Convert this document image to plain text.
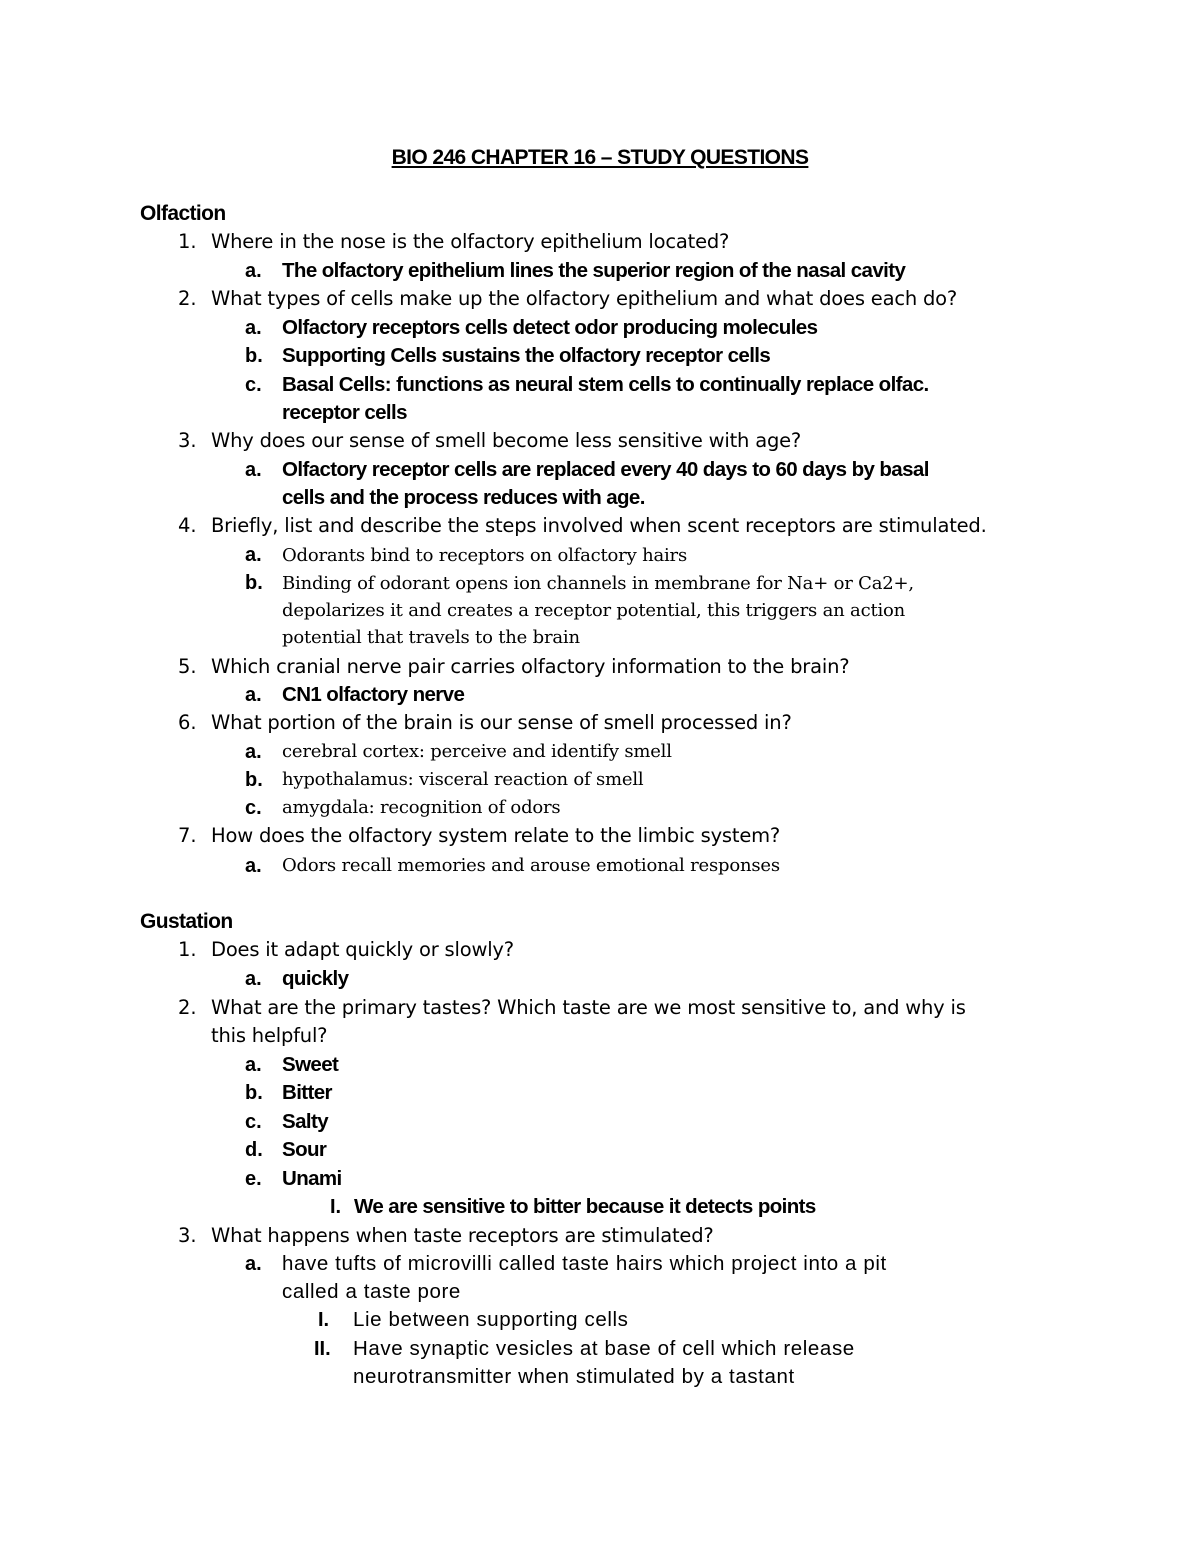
BIO 246 CHAPTER 16 – STUDY QUESTIONS
Olfaction
1. Where in the nose is the olfactory epithelium located?
a. The olfactory epithelium lines the superior region of the nasal cavity
2. What types of cells make up the olfactory epithelium and what does each do?
a. Olfactory receptors cells detect odor producing molecules
b. Supporting Cells sustains the olfactory receptor cells
c. Basal Cells: functions as neural stem cells to continually replace olfac.
receptor cells
3. Why does our sense of smell become less sensitive with age?
a. Olfactory receptor cells are replaced every 40 days to 60 days by basal
cells and the process reduces with age.
4. Briefly, list and describe the steps involved when scent receptors are stimulated.
a. Odorants bind to receptors on olfactory hairs
b. Binding of odorant opens ion channels in membrane for Na+ or Ca2+,
depolarizes it and creates a receptor potential, this triggers an action
potential that travels to the brain
5. Which cranial nerve pair carries olfactory information to the brain?
a. CN1 olfactory nerve
6. What portion of the brain is our sense of smell processed in?
a. cerebral cortex: perceive and identify smell
b. hypothalamus: visceral reaction of smell
c. amygdala: recognition of odors
7. How does the olfactory system relate to the limbic system?
a. Odors recall memories and arouse emotional responses
Gustation
1. Does it adapt quickly or slowly?
a. quickly
2. What are the primary tastes? Which taste are we most sensitive to, and why is
this helpful?
a. Sweet
b. Bitter
c. Salty
d. Sour
e. Unami
I. We are sensitive to bitter because it detects points
3. What happens when taste receptors are stimulated?
a. have tufts of microvilli called taste hairs which project into a pit
called a taste pore
I. Lie between supporting cells
II. Have synaptic vesicles at base of cell which release
neurotransmitter when stimulated by a tastant
